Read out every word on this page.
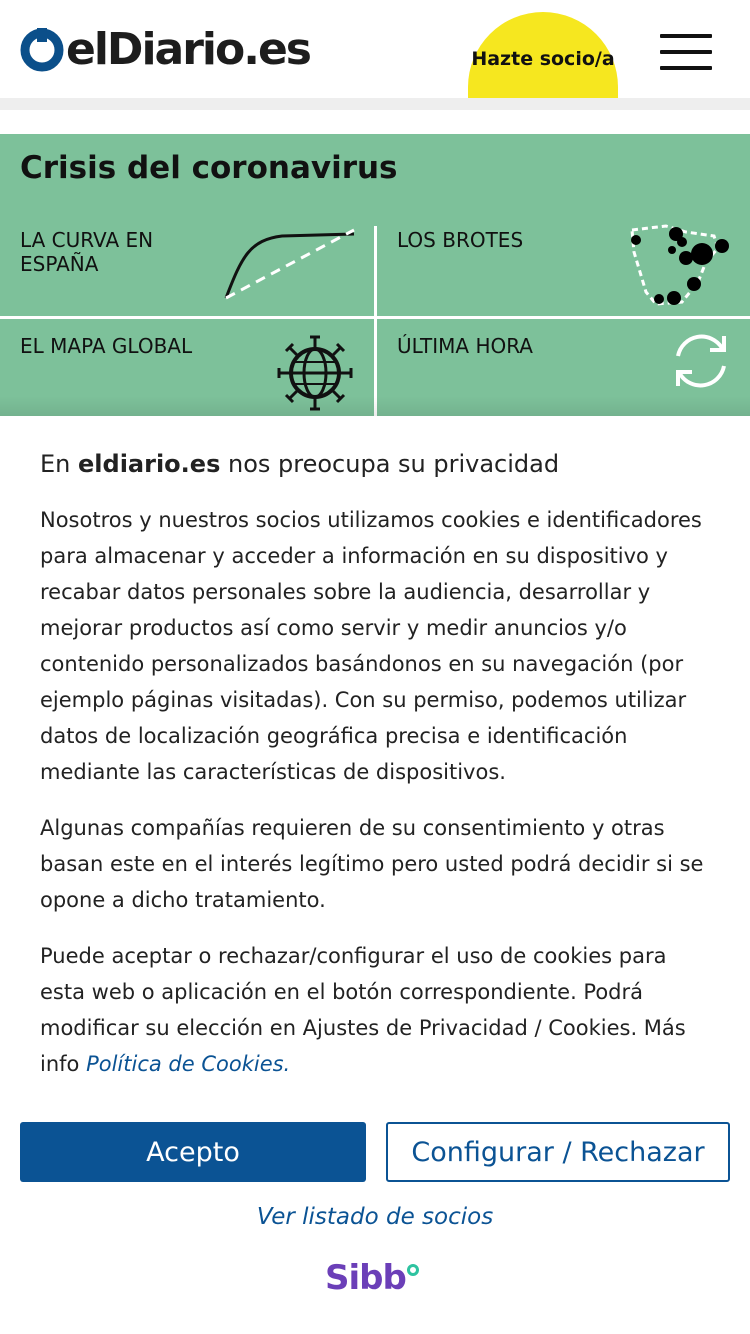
elDiario.es	Hazte socio/a
Crisis del coronavirus
LA CURVA EN ESPAÑA
LOS BROTES
EL MAPA GLOBAL	ÚLTIMA HORA
En eldiario.es nos preocupa su privacidad
Nosotros y nuestros socios utilizamos cookies e identificadores para almacenar y acceder a información en su dispositivo y recabar datos personales sobre la audiencia, desarrollar y mejorar productos así como servir y medir anuncios y/o contenido personalizados basándonos en su navegación (por ejemplo páginas visitadas). Con su permiso, podemos utilizar datos de localización geográfica precisa e identificación mediante las características de dispositivos.
Algunas compañías requieren de su consentimiento y otras basan este en el interés legítimo pero usted podrá decidir si se opone a dicho tratamiento.
Puede aceptar o rechazar/configurar el uso de cookies para esta web o aplicación en el botón correspondiente. Podrá modificar su elección en Ajustes de Privacidad / Cookies. Más info Política de Cookies.
Acepto	Configurar / Rechazar
Ver listado de socios
Sibb
